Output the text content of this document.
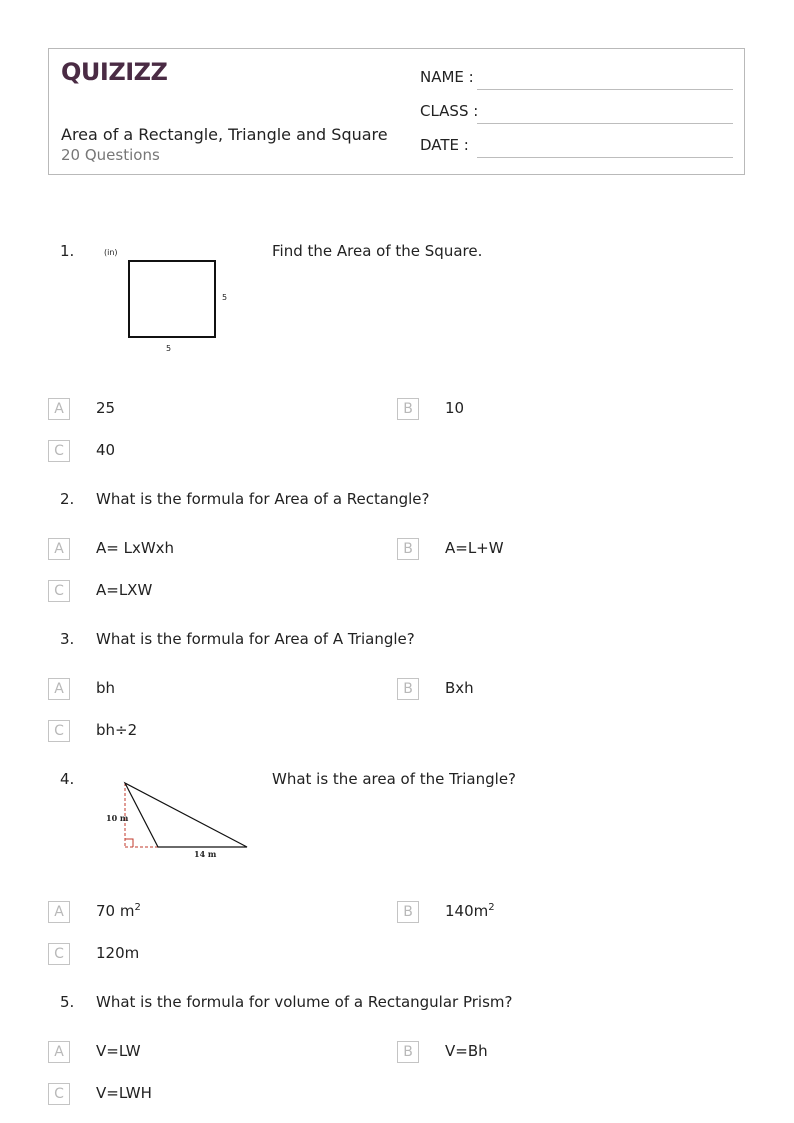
QUIZIZZ
Area of a Rectangle, Triangle and Square
20 Questions
NAME :
CLASS :
DATE :
1.	(in)
5
5
Find the Area of the Square.
A	25	B	10
C	40
2. What is the formula for Area of a Rectangle?
A	A= LxWxh	B	A=L+W
C	A=LXW
3. What is the formula for Area of A Triangle?
A	bh	B	Bxh
C	bh÷2
4.
10 m
14 m
What is the area of the Triangle?
A	70 $m^2$	B	$140m^2$
C	120m
5. What is the formula for volume of a Rectangular Prism?
A	V=LW	B	V=Bh
C	V=LWH
